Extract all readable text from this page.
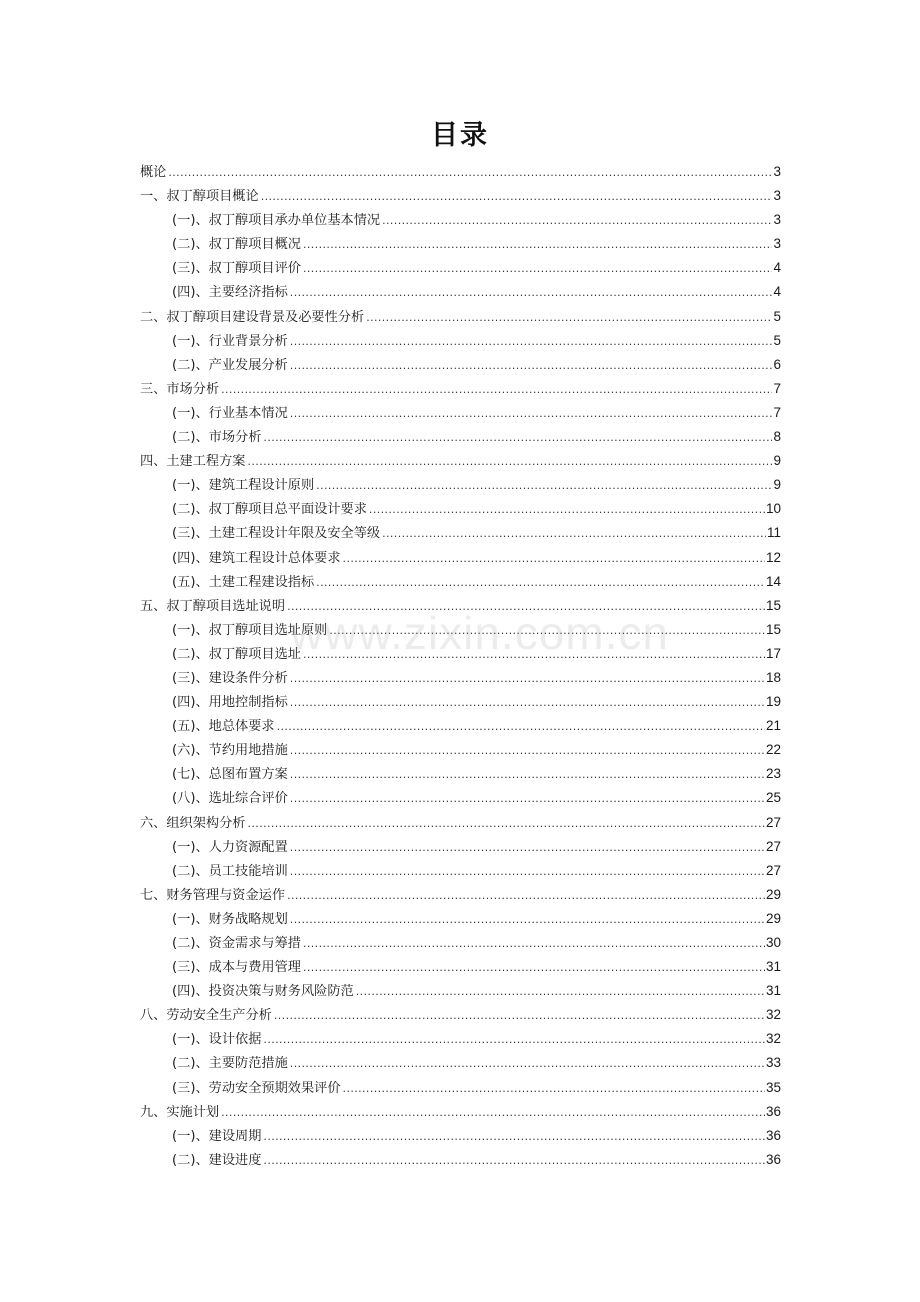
目录
概论 .....	3
一、叔丁醇项目概论 .....	3
(一)、叔丁醇项目承办单位基本情况 .....	3
(二)、叔丁醇项目概况 .....	3
(三)、叔丁醇项目评价 .....	4
(四)、主要经济指标 .....	4
二、叔丁醇项目建设背景及必要性分析 .....	5
(一)、行业背景分析 .....	5
(二)、产业发展分析 .....	6
三、市场分析 .....	7
(一)、行业基本情况 .....	7
(二)、市场分析 .....	8
四、土建工程方案 .....	9
(一)、建筑工程设计原则 .....	9
(二)、叔丁醇项目总平面设计要求 .....	10
(三)、土建工程设计年限及安全等级 .....	11
(四)、建筑工程设计总体要求 .....	12
(五)、土建工程建设指标 .....	14
五、叔丁醇项目选址说明 .....	15
(一)、叔丁醇项目选址原则 .....	15
(二)、叔丁醇项目选址 .....	17
(三)、建设条件分析 .....	18
(四)、用地控制指标 .....	19
(五)、地总体要求 .....	21
(六)、节约用地措施 .....	22
(七)、总图布置方案 .....	23
(八)、选址综合评价 .....	25
六、组织架构分析 .....	27
(一)、人力资源配置 .....	27
(二)、员工技能培训 .....	27
七、财务管理与资金运作 .....	29
(一)、财务战略规划 .....	29
(二)、资金需求与筹措 .....	30
(三)、成本与费用管理 .....	31
(四)、投资决策与财务风险防范 .....	31
八、劳动安全生产分析 .....	32
(一)、设计依据 .....	32
(二)、主要防范措施 .....	33
(三)、劳动安全预期效果评价 .....	35
九、实施计划 .....	36
(一)、建设周期 .....	36
(二)、建设进度 .....	36
www.zixin.com.cn
